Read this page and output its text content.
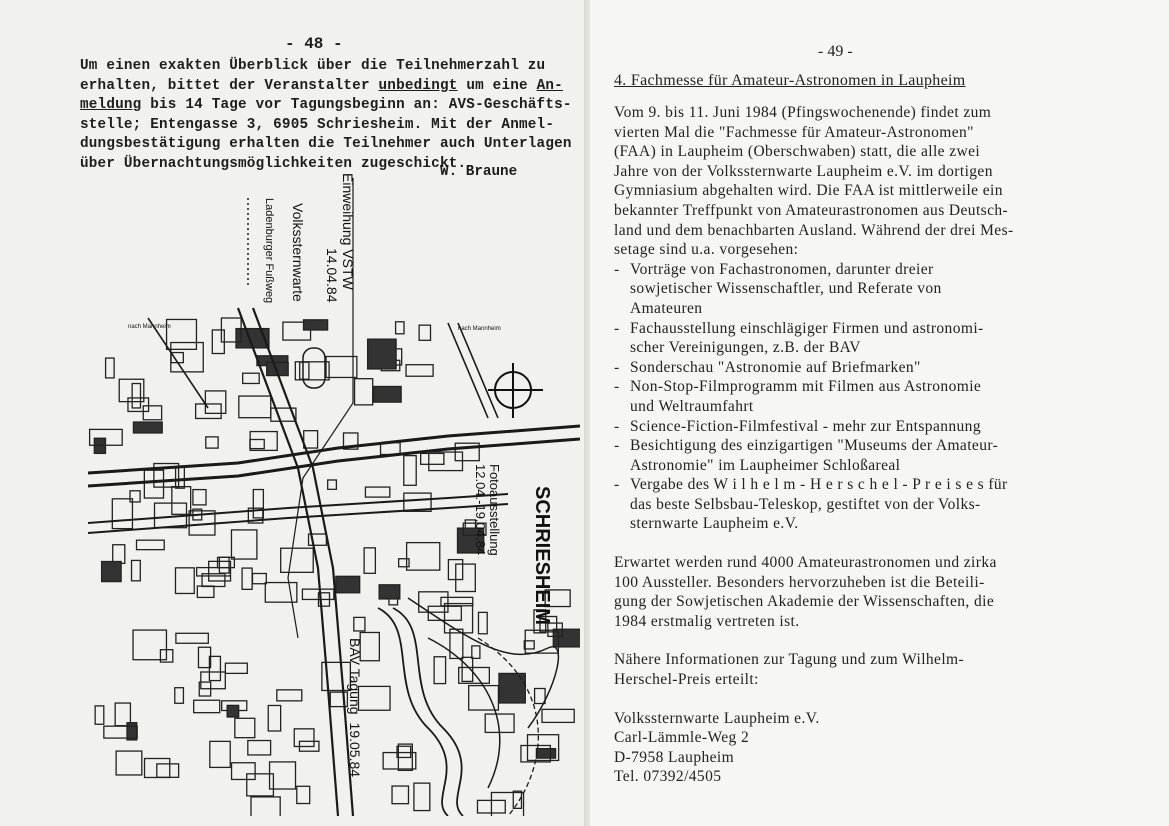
- 48 -
Um einen exakten Überblick über die Teilnehmerzahl zu
erhalten, bittet der Veranstalter unbedingt um eine An-
meldung bis 14 Tage vor Tagungsbeginn an: AVS-Geschäfts-
stelle; Entengasse 3, 6905 Schriesheim. Mit der Anmel-
dungsbestätigung erhalten die Teilnehmer auch Unterlagen
über Übernachtungsmöglichkeiten zugeschickt.
W. Braune
Volkssternwarte
Ladenburger Fußweg	Einweihung VSTW
14.04.84
nach Mannheim	nach Mannheim
SCHRIESHEIM
Fotoausstellung
12.04.-19.04.84
BAV Tagung19.05.84
- 49 -
4. Fachmesse für Amateur-Astronomen in Laupheim
Vom 9. bis 11. Juni 1984 (Pfingswochenende) findet zum
vierten Mal die "Fachmesse für Amateur-Astronomen"
(FAA) in Laupheim (Oberschwaben) statt, die alle zwei
Jahre von der Volkssternwarte Laupheim e.V. im dortigen
Gymniasium abgehalten wird. Die FAA ist mittlerweile ein
bekannter Treffpunkt von Amateurastronomen aus Deutsch-
land und dem benachbarten Ausland. Während der drei Mes-
setage sind u.a. vorgesehen:
- Vorträge von Fachastronomen, darunter dreier
sowjetischer Wissenschaftler, und Referate von
Amateuren
- Fachausstellung einschlägiger Firmen und astronomi-
scher Vereinigungen, z.B. der BAV
- Sonderschau "Astronomie auf Briefmarken"
- Non-Stop-Filmprogramm mit Filmen aus Astronomie
und Weltraumfahrt
- Science-Fiction-Filmfestival - mehr zur Entspannung
- Besichtigung des einzigartigen "Museums der Amateur-
Astronomie" im Laupheimer Schloßareal
- Vergabe des W i l h e l m - H e r s c h e l - P r e i s e s für
das beste Selbsbau-Teleskop, gestiftet von der Volks-
sternwarte Laupheim e.V.
Erwartet werden rund 4000 Amateurastronomen und zirka
100 Aussteller. Besonders hervorzuheben ist die Beteili-
gung der Sowjetischen Akademie der Wissenschaften, die
1984 erstmalig vertreten ist.
Nähere Informationen zur Tagung und zum Wilhelm-
Herschel-Preis erteilt:
Volkssternwarte Laupheim e.V.
Carl-Lämmle-Weg 2
D-7958 Laupheim
Tel. 07392/4505
